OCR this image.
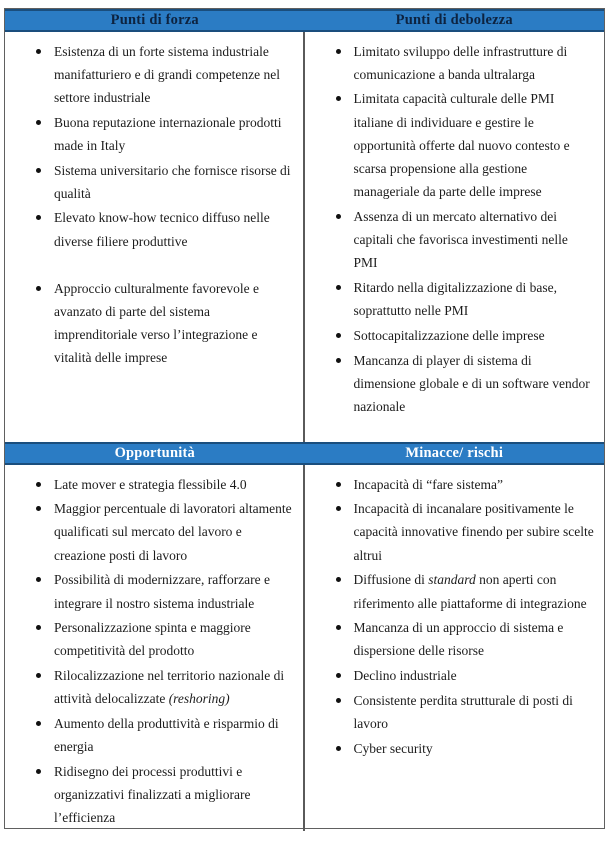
Punti di forza	Punti di debolezza
Esistenza di un forte sistema industriale manifatturiero e di grandi competenze nel settore industriale
Buona reputazione internazionale prodotti made in Italy
Sistema universitario che fornisce risorse di qualità
Elevato know-how tecnico diffuso nelle diverse filiere produttive
Approccio culturalmente favorevole e avanzato di parte del sistema imprenditoriale verso l’integrazione e vitalità delle imprese
Limitato sviluppo delle infrastrutture di comunicazione a banda ultralarga
Limitata capacità culturale delle PMI italiane di individuare e gestire le opportunità offerte dal nuovo contesto e scarsa propensione alla gestione manageriale da parte delle imprese
Assenza di un mercato alternativo dei capitali che favorisca investimenti nelle PMI
Ritardo nella digitalizzazione di base, soprattutto nelle PMI
Sottocapitalizzazione delle imprese
Mancanza di player di sistema di dimensione globale e di un software vendor nazionale
Opportunità	Minacce/ rischi
Late mover e strategia flessibile 4.0
Maggior percentuale di lavoratori altamente qualificati sul mercato del lavoro e creazione posti di lavoro
Possibilità di modernizzare, rafforzare e integrare il nostro sistema industriale
Personalizzazione spinta e maggiore competitività del prodotto
Rilocalizzazione nel territorio nazionale di attività delocalizzate (reshoring)
Aumento della produttività e risparmio di energia
Ridisegno dei processi produttivi e organizzativi finalizzati a migliorare l’efficienza
Incapacità di “fare sistema”
Incapacità di incanalare positivamente le capacità innovative finendo per subire scelte altrui
Diffusione di standard non aperti con riferimento alle piattaforme di integrazione
Mancanza di un approccio di sistema e dispersione delle risorse
Declino industriale
Consistente perdita strutturale di posti di lavoro
Cyber security
